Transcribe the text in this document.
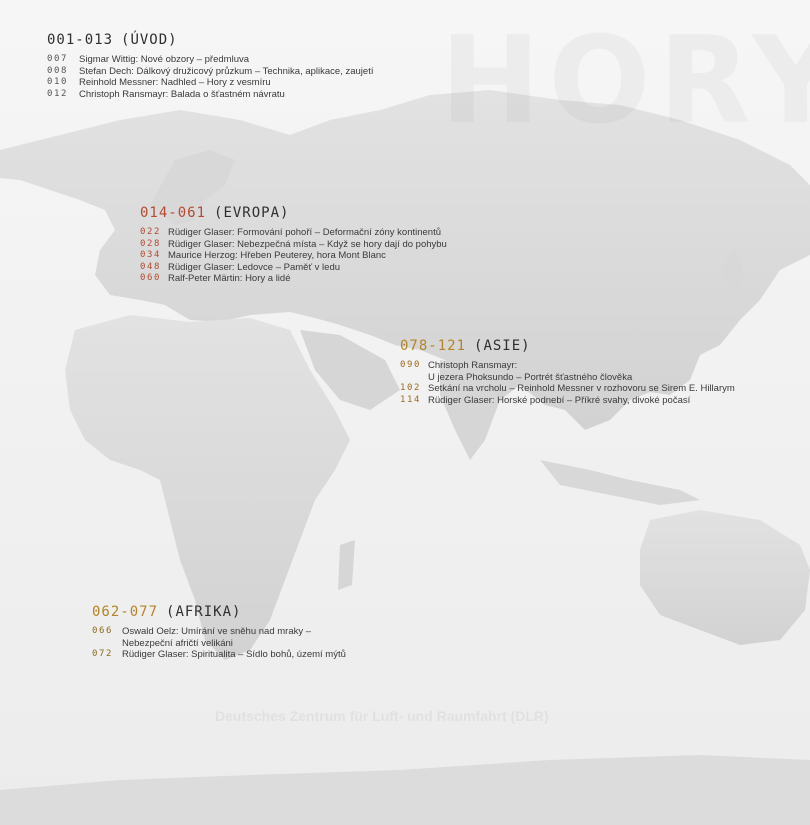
Deutsches Zentrum für Luft- und Raumfahrt (DLR)
001-013 (ÚVOD)
007	Sigmar Wittig: Nové obzory – předmluva
008	Stefan Dech: Dálkový družicový průzkum – Technika, aplikace, zaujetí
010	Reinhold Messner: Nadhled – Hory z vesmíru
012	Christoph Ransmayr: Balada o šťastném návratu
014-061 (EVROPA)
022 Rüdiger Glaser: Formování pohoří – Deformační zóny kontinentů
028 Rüdiger Glaser: Nebezpečná místa – Když se hory dají do pohybu
034 Maurice Herzog: Hřeben Peuterey, hora Mont Blanc
048 Rüdiger Glaser: Ledovce – Paměť v ledu
060 Ralf-Peter Märtin: Hory a lidé
078-121 (ASIE)
090 Christoph Ransmayr:
U jezera Phoksundo – Portrét šťastného člověka
102 Setkání na vrcholu – Reinhold Messner v rozhovoru se Sirem E. Hillarym
114 Rüdiger Glaser: Horské podnebí – Příkré svahy, divoké počasí
062-077 (AFRIKA)
066 Oswald Oelz: Umírání ve sněhu nad mraky –
Nebezpeční afričtí velikáni
072 Rüdiger Glaser: Spiritualita – Sídlo bohů, území mýtů
